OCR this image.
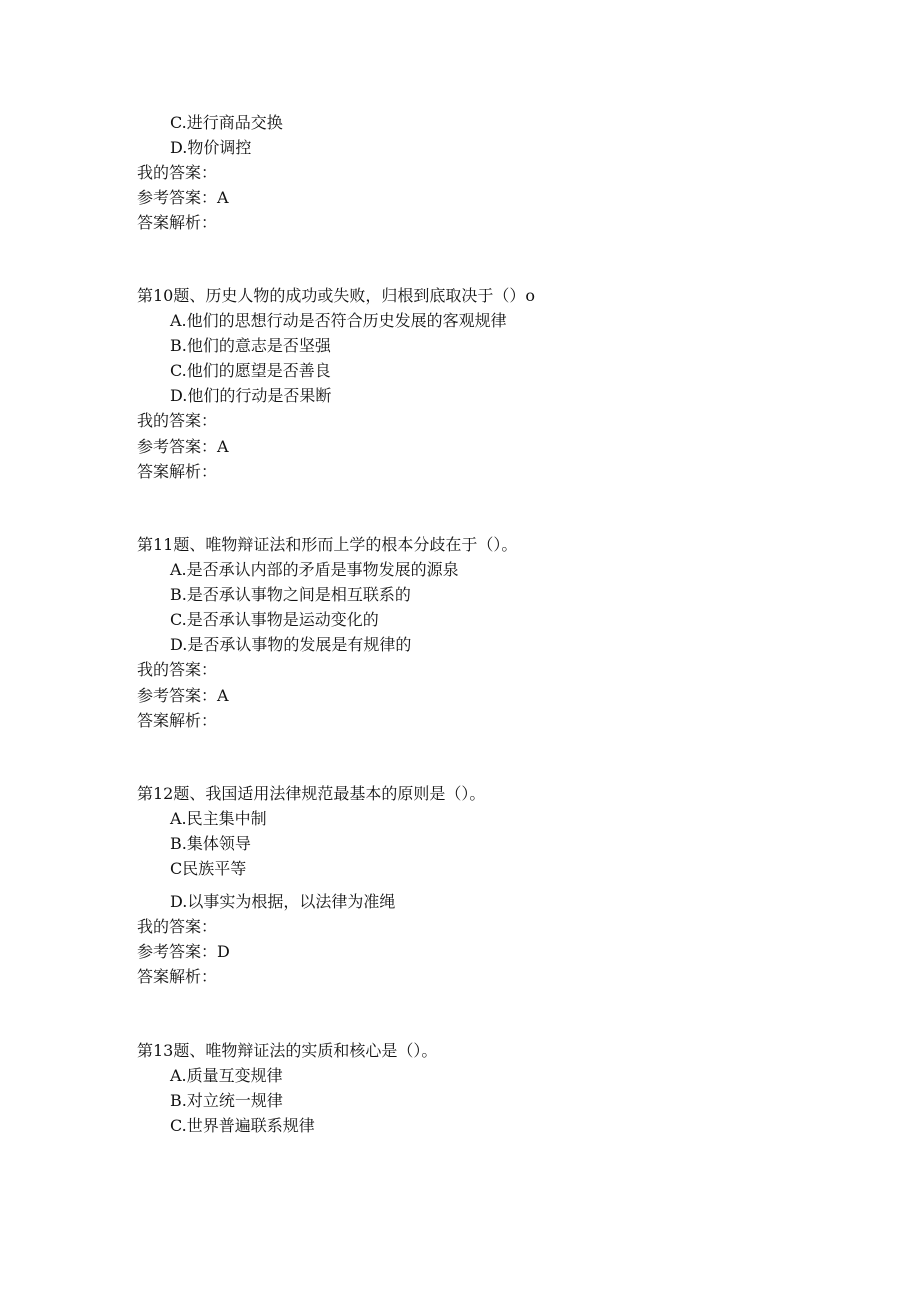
C.进行商品交换
D.物价调控
我的答案：
参考答案：A
答案解析：
第10题、历史人物的成功或失败，归根到底取决于（）o
A.他们的思想行动是否符合历史发展的客观规律
B.他们的意志是否坚强
C.他们的愿望是否善良
D.他们的行动是否果断
我的答案：
参考答案：A
答案解析：
第11题、唯物辩证法和形而上学的根本分歧在于（）。
A.是否承认内部的矛盾是事物发展的源泉
B.是否承认事物之间是相互联系的
C.是否承认事物是运动变化的
D.是否承认事物的发展是有规律的
我的答案：
参考答案：A
答案解析：
第12题、我国适用法律规范最基本的原则是（）。
A.民主集中制
B.集体领导
C民族平等
D.以事实为根据，以法律为准绳
我的答案：
参考答案：D
答案解析：
第13题、唯物辩证法的实质和核心是（）。
A.质量互变规律
B.对立统一规律
C.世界普遍联系规律
